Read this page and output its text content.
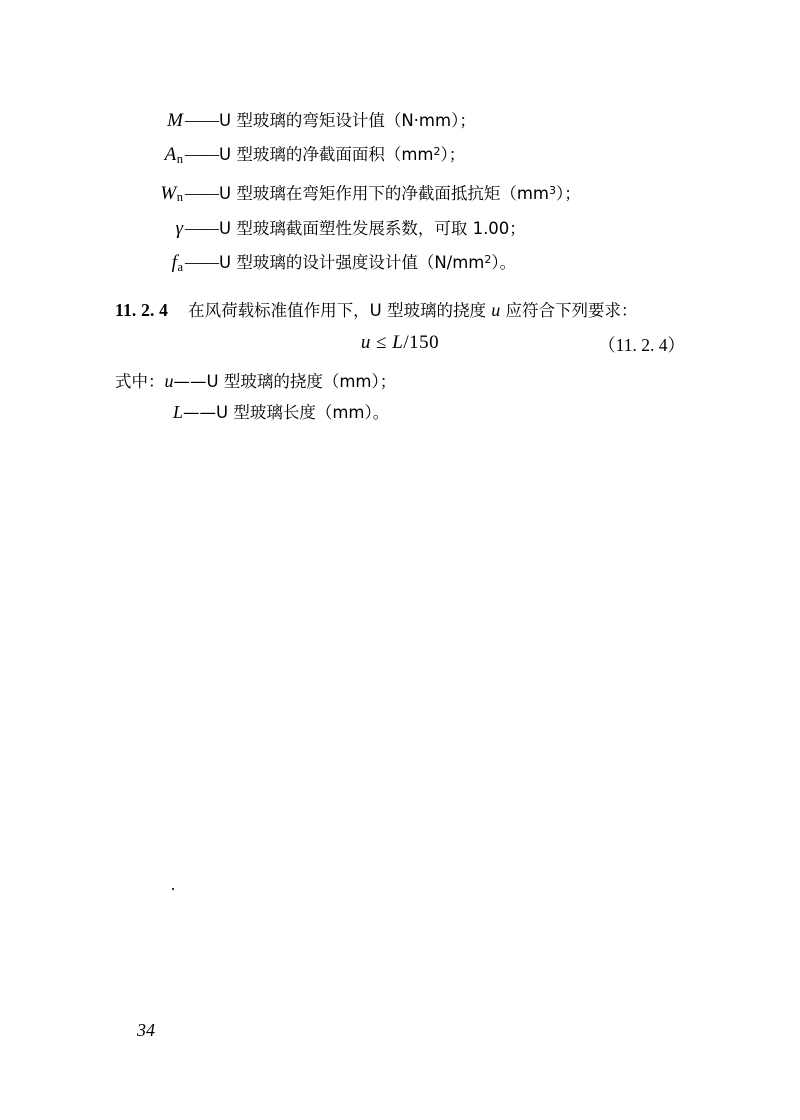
M —— U 型玻璃的弯矩设计值（N·mm）；
$A_n$ —— U 型玻璃的净截面面积$(mm^2)$；
$W_n$ —— U 型玻璃在弯矩作用下的净截面抵抗矩$(mm^3)$；
γ —— U 型玻璃截面塑性发展系数，可取 1.00；
$f_a$ —— U 型玻璃的设计强度设计值$(N/mm^2)$。
11. 2. 4 在风荷载标准值作用下，U 型玻璃的挠度 u 应符合下列要求：
u ≤ L/150	（11. 2. 4）
式中：u——U 型玻璃的挠度（mm）；
L——U 型玻璃长度（mm）。
34
